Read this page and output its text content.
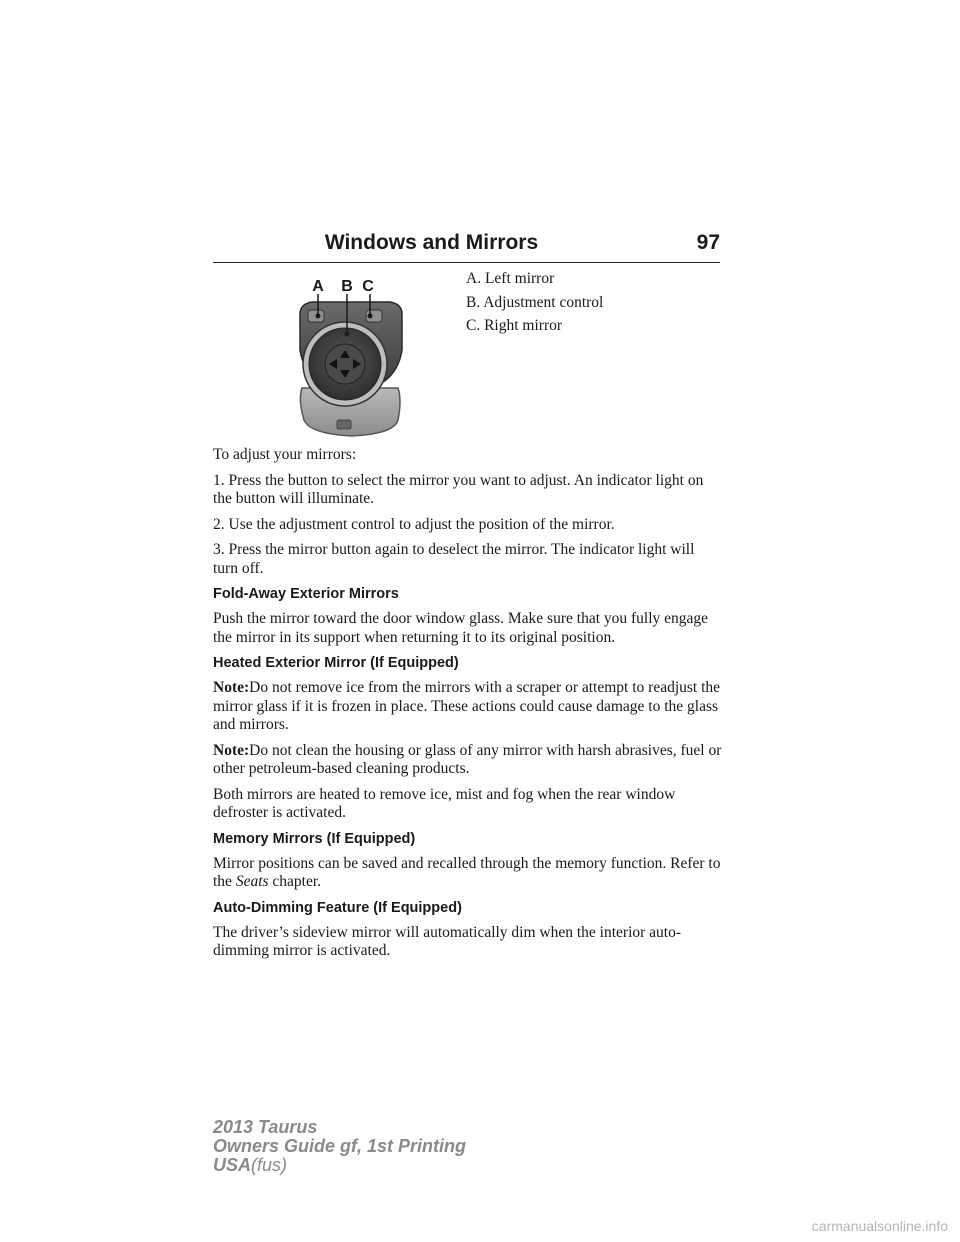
Windows and Mirrors	97
A B C	A. Left mirror
B. Adjustment control
C. Right mirror

To adjust your mirrors:

1. Press the button to select the mirror you want to adjust. An indicator light on the button will illuminate.

2. Use the adjustment control to adjust the position of the mirror.

3. Press the mirror button again to deselect the mirror. The indicator light will turn off.

Fold-Away Exterior Mirrors

Push the mirror toward the door window glass. Make sure that you fully engage the mirror in its support when returning it to its original position.

Heated Exterior Mirror (If Equipped)

Note:Do not remove ice from the mirrors with a scraper or attempt to readjust the mirror glass if it is frozen in place. These actions could cause damage to the glass and mirrors.

Note:Do not clean the housing or glass of any mirror with harsh abrasives, fuel or other petroleum-based cleaning products.

Both mirrors are heated to remove ice, mist and fog when the rear window defroster is activated.

Memory Mirrors (If Equipped)

Mirror positions can be saved and recalled through the memory function. Refer to the Seats chapter.

Auto-Dimming Feature (If Equipped)

The driver’s sideview mirror will automatically dim when the interior auto-dimming mirror is activated.

2013 Taurus
Owners Guide gf, 1st Printing
USA(fus)
carmanualsonline.info
